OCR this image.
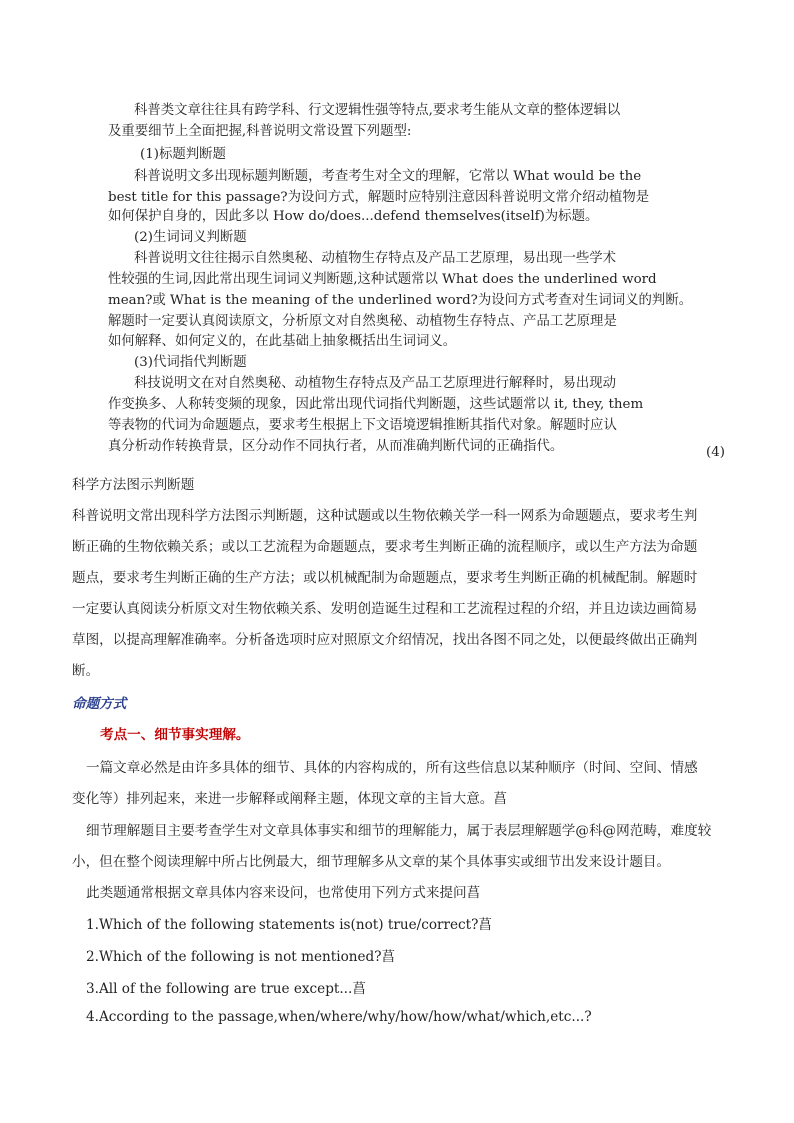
科普类文章往往具有跨学科、行文逻辑性强等特点,要求考生能从文章的整体逻辑以
及重要细节上全面把握,科普说明文常设置下列题型:
(1)标题判断题
科普说明文多出现标题判断题，考查考生对全文的理解，它常以 What would be the
best title for this passage?为设问方式，解题时应特别注意因科普说明文常介绍动植物是
如何保护自身的，因此多以 How do/does...defend themselves(itself)为标题。
(2)生词词义判断题
科普说明文往往揭示自然奥秘、动植物生存特点及产品工艺原理，易出现一些学术
性较强的生词,因此常出现生词词义判断题,这种试题常以 What does the underlined word
mean?或 What is the meaning of the underlined word?为设问方式考查对生词词义的判断。
解题时一定要认真阅读原文，分析原文对自然奥秘、动植物生存特点、产品工艺原理是
如何解释、如何定义的，在此基础上抽象概括出生词词义。
(3)代词指代判断题
科技说明文在对自然奥秘、动植物生存特点及产品工艺原理进行解释时，易出现动
作变换多、人称转变频的现象，因此常出现代词指代判断题，这些试题常以 it, they, them
等表物的代词为命题题点，要求考生根据上下文语境逻辑推断其指代对象。解题时应认
真分析动作转换背景，区分动作不同执行者，从而准确判断代词的正确指代。	(4)
科学方法图示判断题
科普说明文常出现科学方法图示判断题，这种试题或以生物依赖关学一科一网系为命题题点，要求考生判
断正确的生物依赖关系；或以工艺流程为命题题点，要求考生判断正确的流程顺序，或以生产方法为命题
题点，要求考生判断正确的生产方法；或以机械配制为命题题点，要求考生判断正确的机械配制。解题时
一定要认真阅读分析原文对生物依赖关系、发明创造诞生过程和工艺流程过程的介绍，并且边读边画简易
草图，以提高理解准确率。分析备选项时应对照原文介绍情况，找出各图不同之处，以便最终做出正确判
断。
命题方式
考点一、细节事实理解。
一篇文章必然是由许多具体的细节、具体的内容构成的，所有这些信息以某种顺序（时间、空间、情感
变化等）排列起来，来进一步解释或阐释主题，体现文章的主旨大意。菖
细节理解题目主要考查学生对文章具体事实和细节的理解能力，属于表层理解题学@科@网范畴，难度较
小，但在整个阅读理解中所占比例最大，细节理解多从文章的某个具体事实或细节出发来设计题目。
此类题通常根据文章具体内容来设问，也常使用下列方式来提问菖
1.Which of the following statements is(not) true/correct?菖
2.Which of the following is not mentioned?菖
3.All of the following are true except...菖
4.According to the passage,when/where/why/how/how/what/which,etc...?
